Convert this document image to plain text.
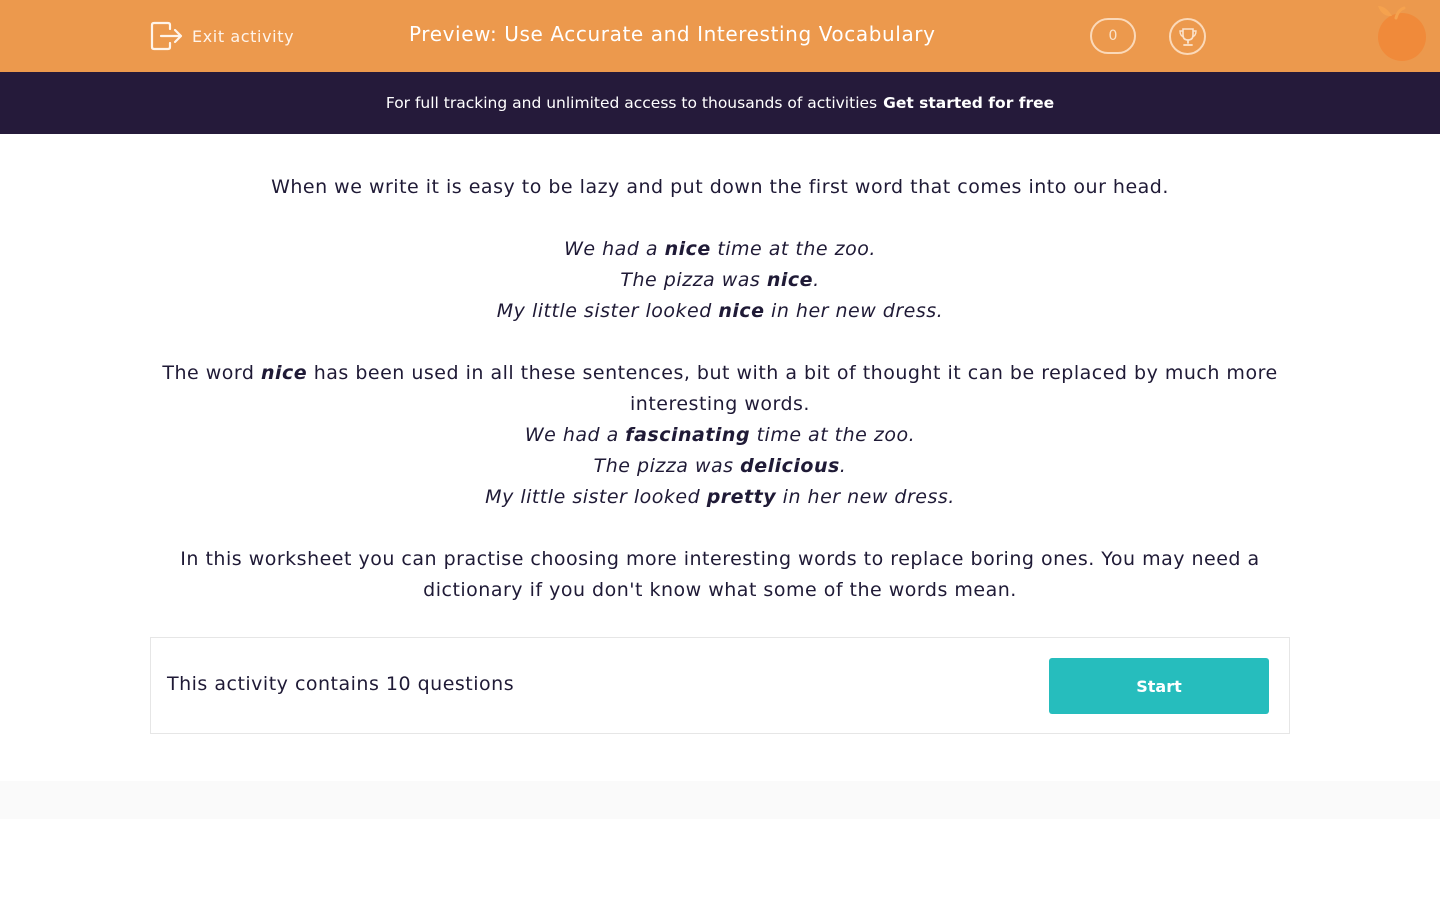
Exit activity	Preview: Use Accurate and Interesting Vocabulary	0
For full tracking and unlimited access to thousands of activities Get started for free

When we write it is easy to be lazy and put down the first word that comes into our head.

We had a nice time at the zoo.

The pizza was nice.

My little sister looked nice in her new dress.

The word nice has been used in all these sentences, but with a bit of thought it can be replaced by much more interesting words.

We had a fascinating time at the zoo.

The pizza was delicious.

My little sister looked pretty in her new dress.

In this worksheet you can practise choosing more interesting words to replace boring ones. You may need a dictionary if you don't know what some of the words mean.

This activity contains 10 questions	Start
